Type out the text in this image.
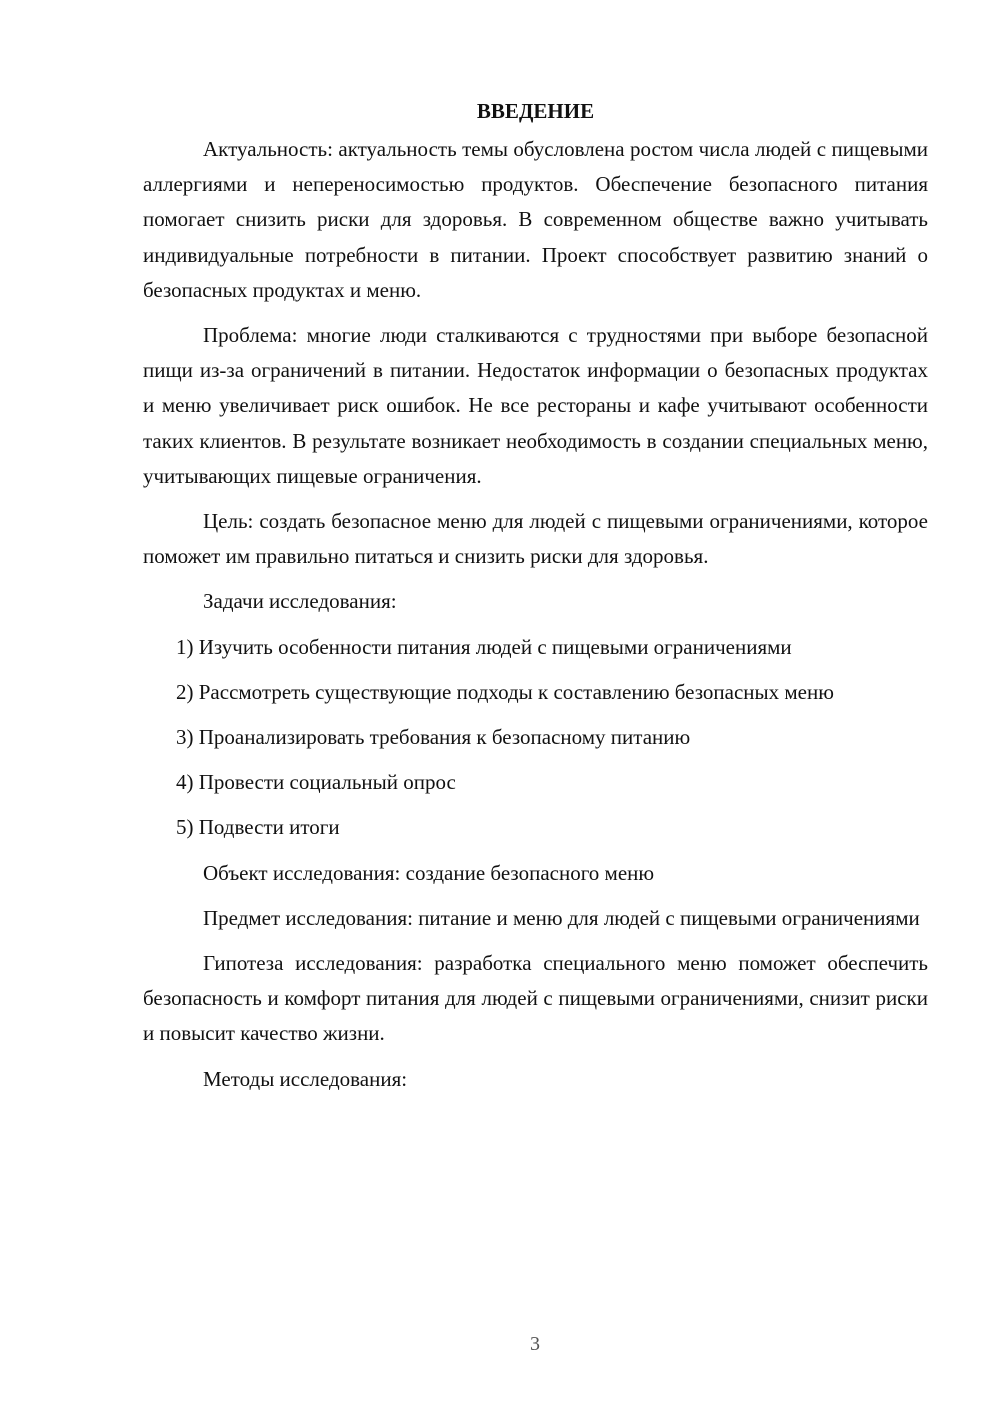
ВВЕДЕНИЕ

Актуальность: актуальность темы обусловлена ростом числа людей с пищевыми аллергиями и непереносимостью продуктов. Обеспечение безопасного питания помогает снизить риски для здоровья. В современном обществе важно учитывать индивидуальные потребности в питании. Проект способствует развитию знаний о безопасных продуктах и меню.

Проблема: многие люди сталкиваются с трудностями при выборе безопасной пищи из-за ограничений в питании. Недостаток информации о безопасных продуктах и меню увеличивает риск ошибок. Не все рестораны и кафе учитывают особенности таких клиентов. В результате возникает необходимость в создании специальных меню, учитывающих пищевые ограничения.

Цель: создать безопасное меню для людей с пищевыми ограничениями, которое поможет им правильно питаться и снизить риски для здоровья.

Задачи исследования:

1) Изучить особенности питания людей с пищевыми ограничениями

2) Рассмотреть существующие подходы к составлению безопасных меню

3) Проанализировать требования к безопасному питанию

4) Провести социальный опрос

5) Подвести итоги

Объект исследования: создание безопасного меню

Предмет исследования: питание и меню для людей с пищевыми ограничениями

Гипотеза исследования: разработка специального меню поможет обеспечить безопасность и комфорт питания для людей с пищевыми ограничениями, снизит риски и повысит качество жизни.

Методы исследования:

3
